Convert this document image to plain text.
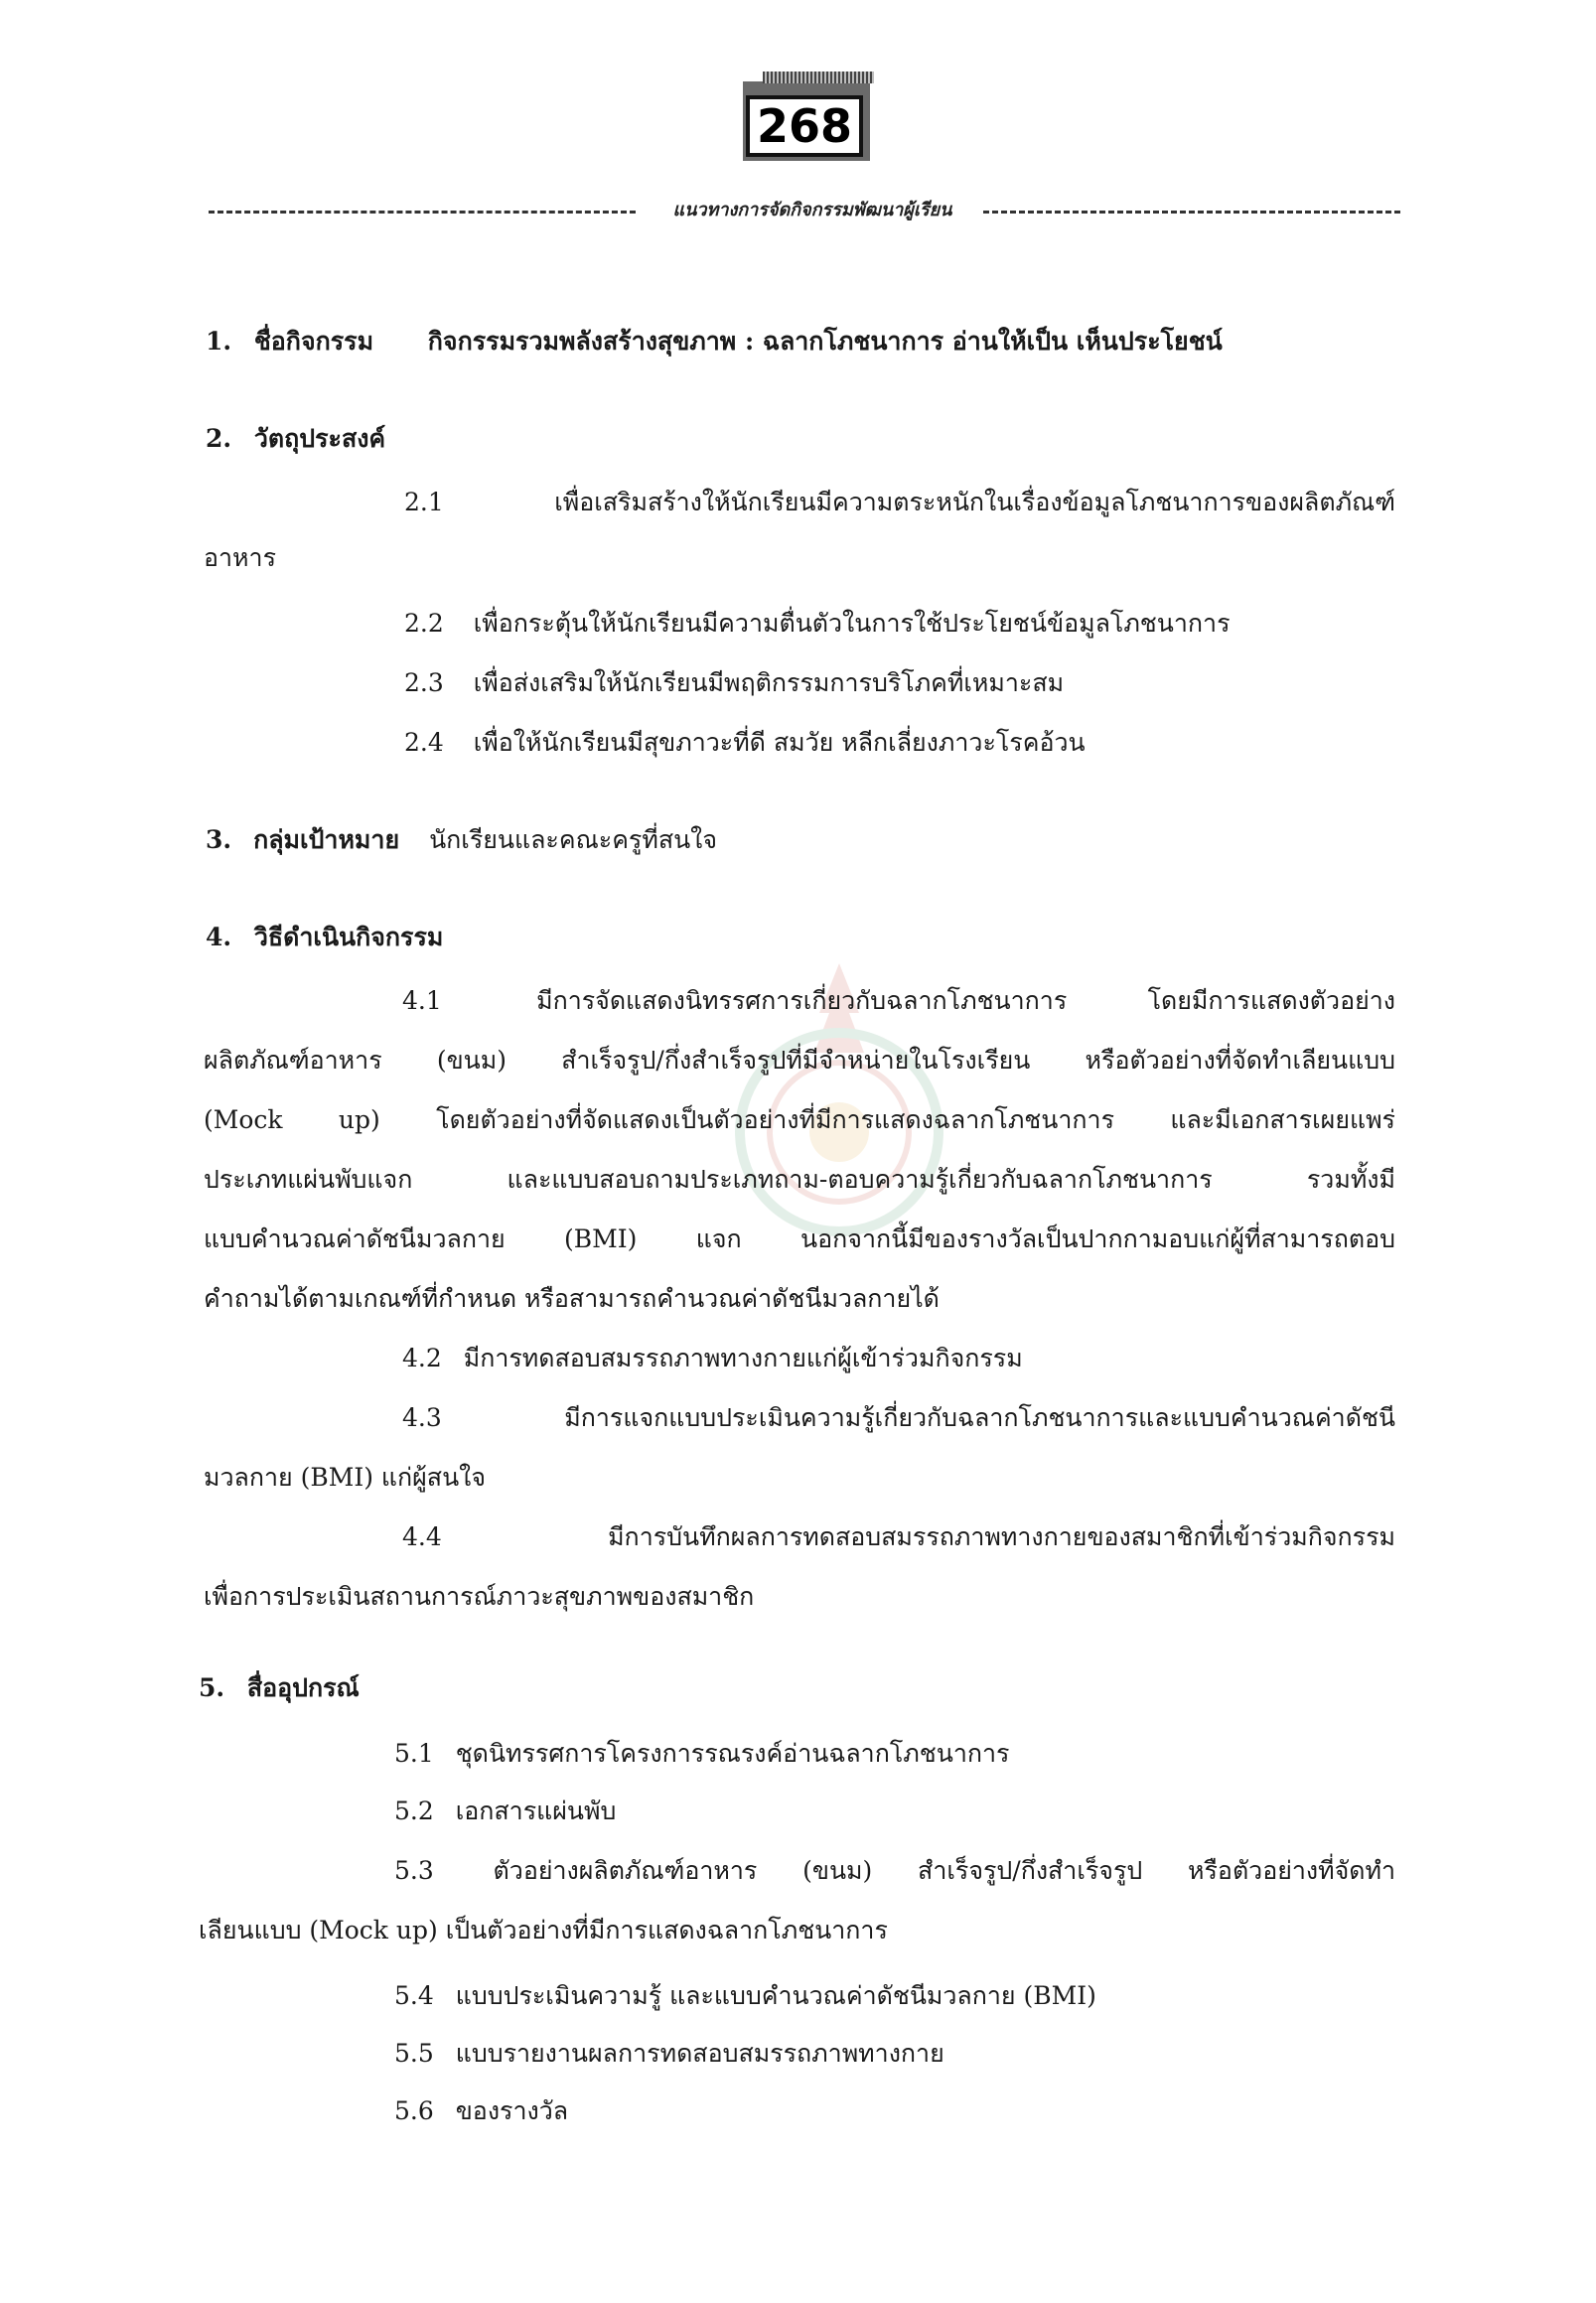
268
แนวทางการจัดกิจกรรมพัฒนาผู้เรียน
1. ชื่อกิจกรรม กิจกรรมรวมพลังสร้างสุขภาพ : ฉลากโภชนาการ อ่านให้เป็น เห็นประโยชน์
2. วัตถุประสงค์
2.1	เพื่อเสริมสร้างให้นักเรียนมีความตระหนักในเรื่องข้อมูลโภชนาการของผลิตภัณฑ์
อาหาร
2.2 เพื่อกระตุ้นให้นักเรียนมีความตื่นตัวในการใช้ประโยชน์ข้อมูลโภชนาการ
2.3 เพื่อส่งเสริมให้นักเรียนมีพฤติกรรมการบริโภคที่เหมาะสม
2.4 เพื่อให้นักเรียนมีสุขภาวะที่ดี สมวัย หลีกเลี่ยงภาวะโรคอ้วน
3. กลุ่มเป้าหมาย นักเรียนและคณะครูที่สนใจ
4. วิธีดำเนินกิจกรรม
4.1	มีการจัดแสดงนิทรรศการเกี่ยวกับฉลากโภชนาการ โดยมีการแสดงตัวอย่าง
ผลิตภัณฑ์อาหาร (ขนม) สำเร็จรูป/กึ่งสำเร็จรูปที่มีจำหน่ายในโรงเรียน หรือตัวอย่างที่จัดทำเลียนแบบ
(Mock up) โดยตัวอย่างที่จัดแสดงเป็นตัวอย่างที่มีการแสดงฉลากโภชนาการ และมีเอกสารเผยแพร่
ประเภทแผ่นพับแจก และแบบสอบถามประเภทถาม-ตอบความรู้เกี่ยวกับฉลากโภชนาการ รวมทั้งมี
แบบคำนวณค่าดัชนีมวลกาย (BMI) แจก นอกจากนี้มีของรางวัลเป็นปากกามอบแก่ผู้ที่สามารถตอบ
คำถามได้ตามเกณฑ์ที่กำหนด หรือสามารถคำนวณค่าดัชนีมวลกายได้
4.2 มีการทดสอบสมรรถภาพทางกายแก่ผู้เข้าร่วมกิจกรรม
4.3	มีการแจกแบบประเมินความรู้เกี่ยวกับฉลากโภชนาการและแบบคำนวณค่าดัชนี
มวลกาย (BMI) แก่ผู้สนใจ
4.4	มีการบันทึกผลการทดสอบสมรรถภาพทางกายของสมาชิกที่เข้าร่วมกิจกรรม
เพื่อการประเมินสถานการณ์ภาวะสุขภาพของสมาชิก
5. สื่ออุปกรณ์
5.1 ชุดนิทรรศการโครงการรณรงค์อ่านฉลากโภชนาการ
5.2 เอกสารแผ่นพับ
5.3 ตัวอย่างผลิตภัณฑ์อาหาร (ขนม) สำเร็จรูป/กึ่งสำเร็จรูป หรือตัวอย่างที่จัดทำ
เลียนแบบ (Mock up) เป็นตัวอย่างที่มีการแสดงฉลากโภชนาการ
5.4 แบบประเมินความรู้ และแบบคำนวณค่าดัชนีมวลกาย (BMI)
5.5 แบบรายงานผลการทดสอบสมรรถภาพทางกาย
5.6 ของรางวัล
